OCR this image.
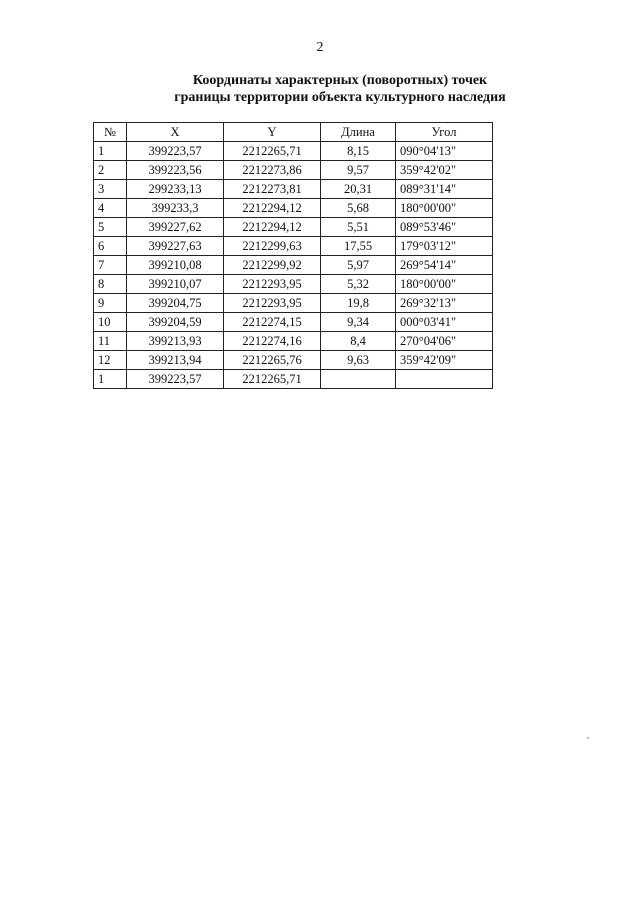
2
Координаты характерных (поворотных) точек
границы территории объекта культурного наследия
№	X	Y	Длина	Угол
1	399223,57	2212265,71	8,15	090°04'13"
2	399223,56	2212273,86	9,57	359°42'02"
3	299233,13	2212273,81	20,31	089°31'14"
4	399233,3	2212294,12	5,68	180°00'00"
5	399227,62	2212294,12	5,51	089°53'46"
6	399227,63	2212299,63	17,55	179°03'12"
7	399210,08	2212299,92	5,97	269°54'14"
8	399210,07	2212293,95	5,32	180°00'00"
9	399204,75	2212293,95	19,8	269°32'13"
10	399204,59	2212274,15	9,34	000°03'41"
11	399213,93	2212274,16	8,4	270°04'06"
12	399213,94	2212265,76	9,63	359°42'09"
1	399223,57	2212265,71		
